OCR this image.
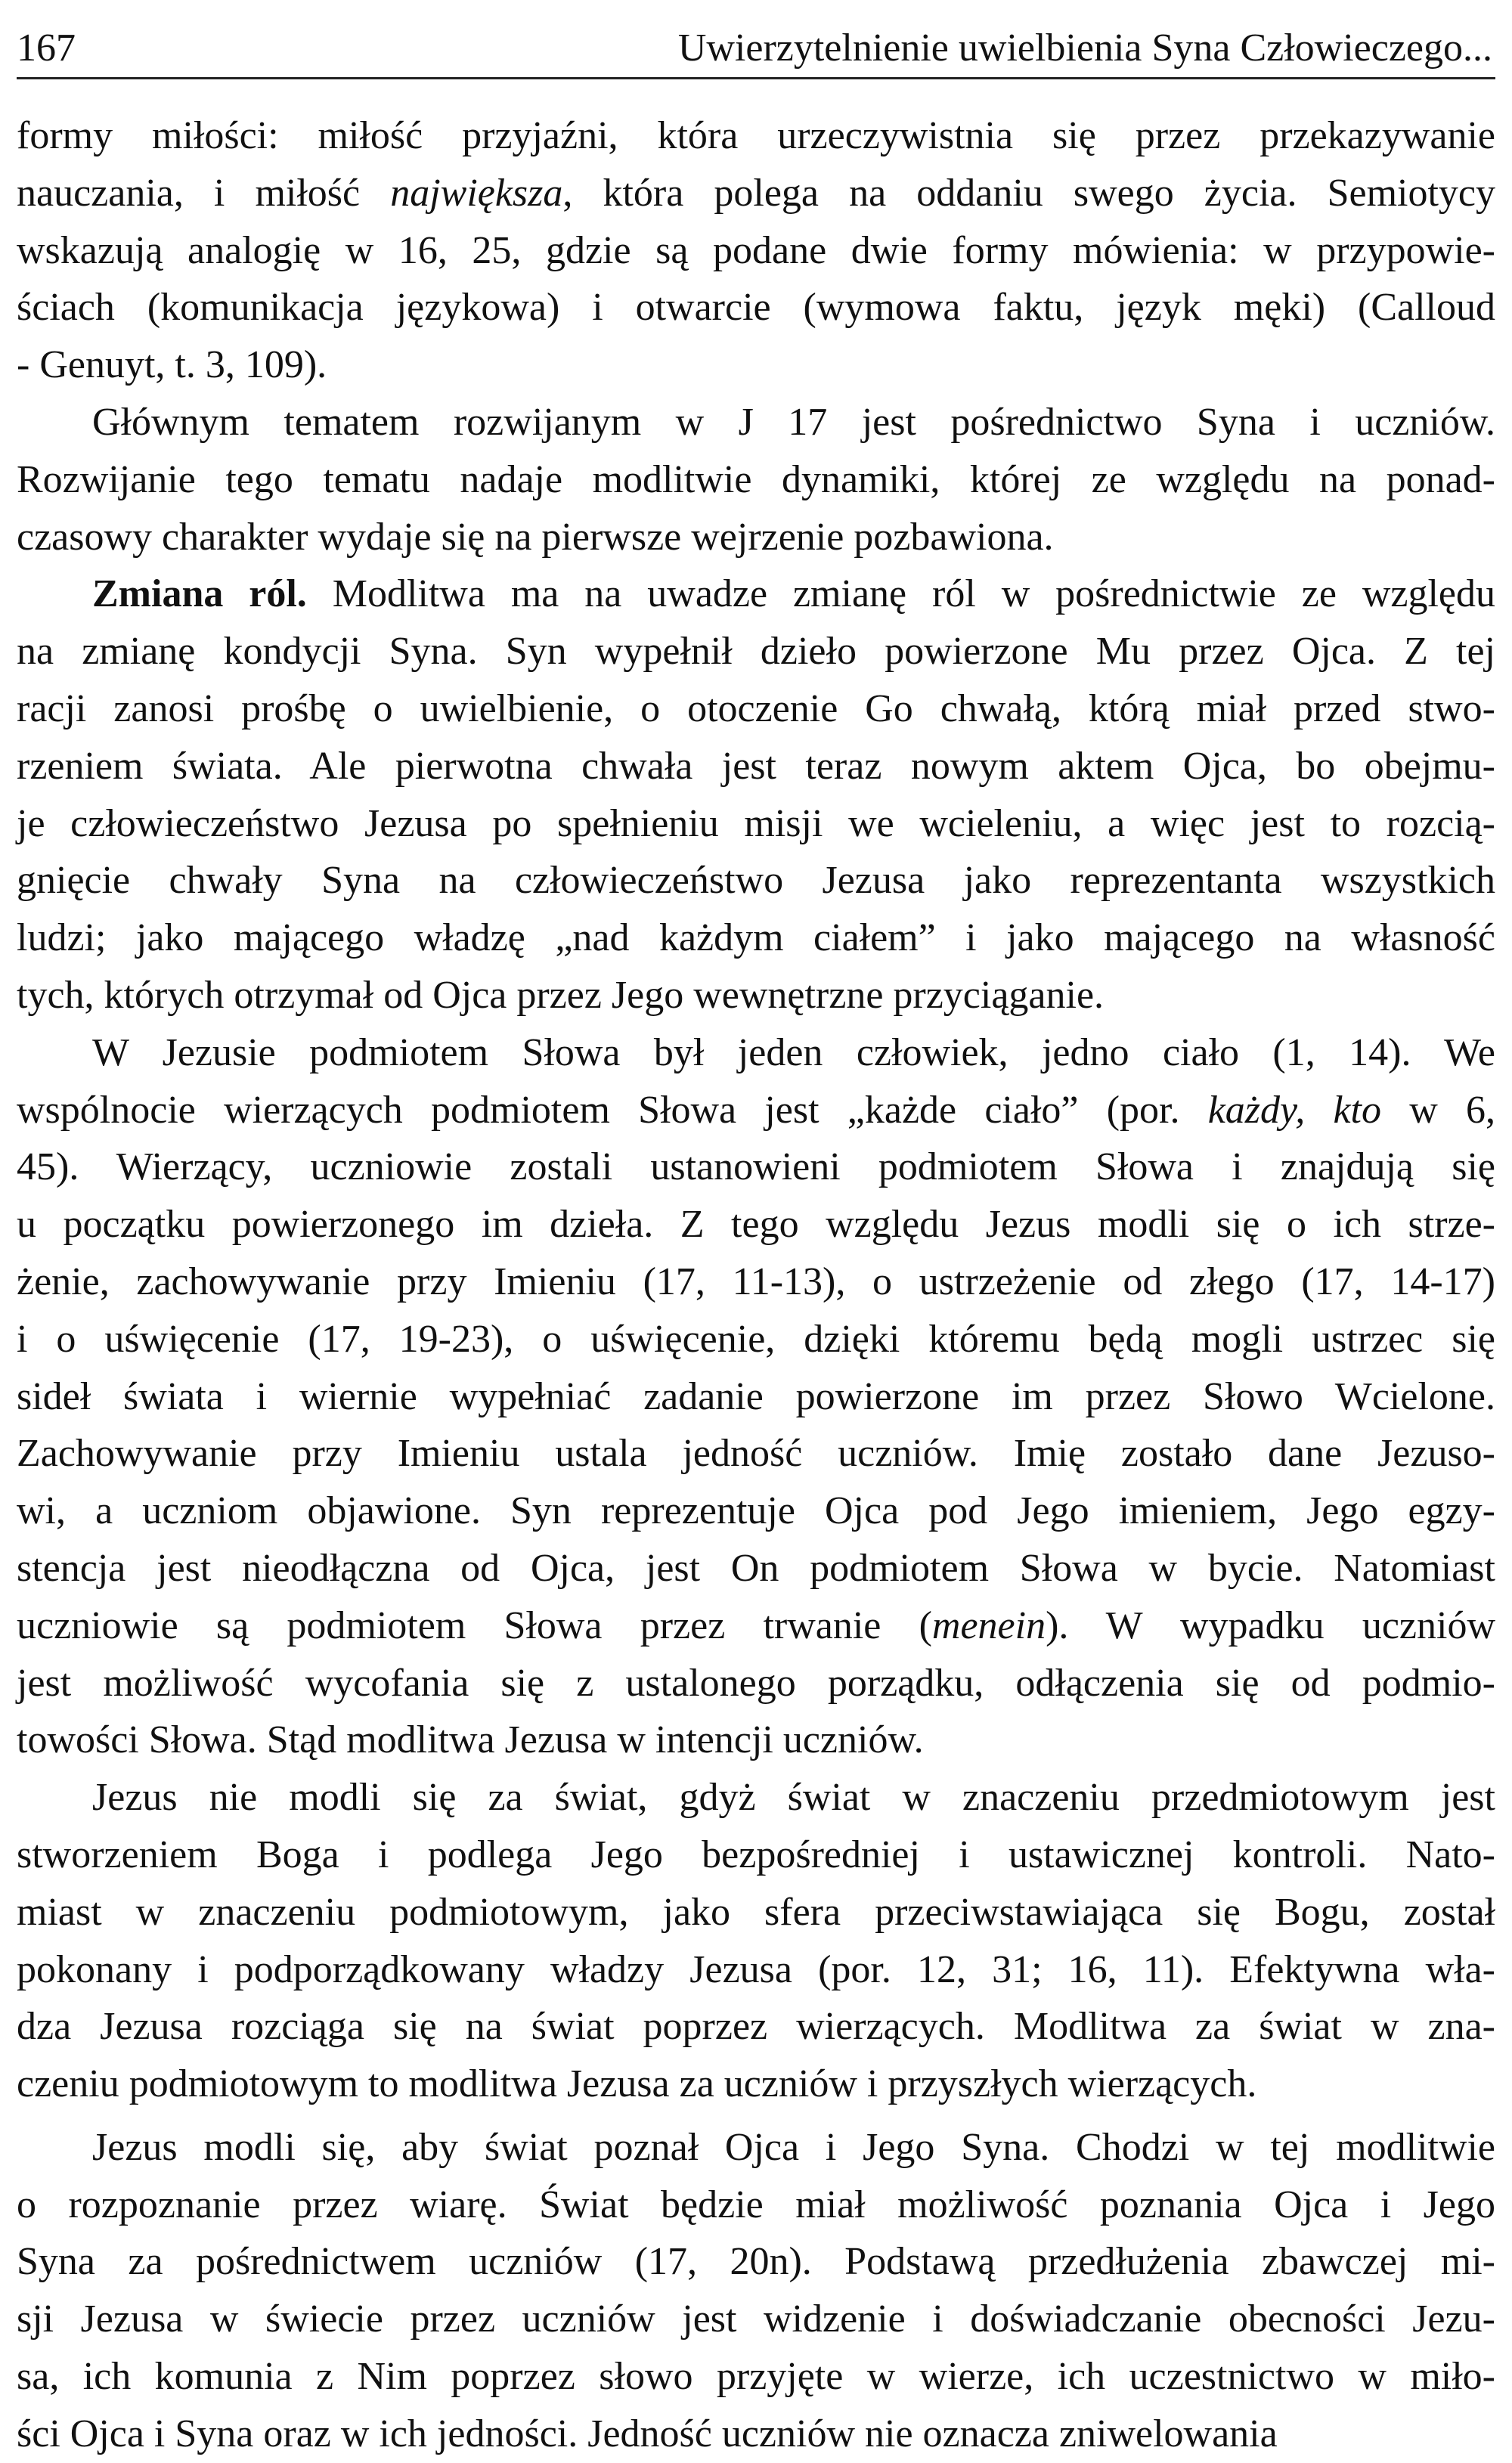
167	Uwierzytelnienie uwielbienia Syna Człowieczego...
formy miłości: miłość przyjaźni, która urzeczywistnia się przez przekazywanie
nauczania, i miłość największa, która polega na oddaniu swego życia. Semiotycy
wskazują analogię w 16, 25, gdzie są podane dwie formy mówienia: w przypowie-
ściach (komunikacja językowa) i otwarcie (wymowa faktu, język męki) (Calloud
- Genuyt, t. 3, 109).
Głównym tematem rozwijanym w J 17 jest pośrednictwo Syna i uczniów.
Rozwijanie tego tematu nadaje modlitwie dynamiki, której ze względu na ponad-
czasowy charakter wydaje się na pierwsze wejrzenie pozbawiona.
Zmiana ról. Modlitwa ma na uwadze zmianę ról w pośrednictwie ze względu
na zmianę kondycji Syna. Syn wypełnił dzieło powierzone Mu przez Ojca. Z tej
racji zanosi prośbę o uwielbienie, o otoczenie Go chwałą, którą miał przed stwo-
rzeniem świata. Ale pierwotna chwała jest teraz nowym aktem Ojca, bo obejmu-
je człowieczeństwo Jezusa po spełnieniu misji we wcieleniu, a więc jest to rozcią-
gnięcie chwały Syna na człowieczeństwo Jezusa jako reprezentanta wszystkich
ludzi; jako mającego władzę „nad każdym ciałem” i jako mającego na własność
tych, których otrzymał od Ojca przez Jego wewnętrzne przyciąganie.
W Jezusie podmiotem Słowa był jeden człowiek, jedno ciało (1, 14). We
wspólnocie wierzących podmiotem Słowa jest „każde ciało” (por. każdy, kto w 6,
45). Wierzący, uczniowie zostali ustanowieni podmiotem Słowa i znajdują się
u początku powierzonego im dzieła. Z tego względu Jezus modli się o ich strze-
żenie, zachowywanie przy Imieniu (17, 11-13), o ustrzeżenie od złego (17, 14-17)
i o uświęcenie (17, 19-23), o uświęcenie, dzięki któremu będą mogli ustrzec się
sideł świata i wiernie wypełniać zadanie powierzone im przez Słowo Wcielone.
Zachowywanie przy Imieniu ustala jedność uczniów. Imię zostało dane Jezuso-
wi, a uczniom objawione. Syn reprezentuje Ojca pod Jego imieniem, Jego egzy-
stencja jest nieodłączna od Ojca, jest On podmiotem Słowa w bycie. Natomiast
uczniowie są podmiotem Słowa przez trwanie (menein). W wypadku uczniów
jest możliwość wycofania się z ustalonego porządku, odłączenia się od podmio-
towości Słowa. Stąd modlitwa Jezusa w intencji uczniów.
Jezus nie modli się za świat, gdyż świat w znaczeniu przedmiotowym jest
stworzeniem Boga i podlega Jego bezpośredniej i ustawicznej kontroli. Nato-
miast w znaczeniu podmiotowym, jako sfera przeciwstawiająca się Bogu, został
pokonany i podporządkowany władzy Jezusa (por. 12, 31; 16, 11). Efektywna wła-
dza Jezusa rozciąga się na świat poprzez wierzących. Modlitwa za świat w zna-
czeniu podmiotowym to modlitwa Jezusa za uczniów i przyszłych wierzących.
Jezus modli się, aby świat poznał Ojca i Jego Syna. Chodzi w tej modlitwie
o rozpoznanie przez wiarę. Świat będzie miał możliwość poznania Ojca i Jego
Syna za pośrednictwem uczniów (17, 20n). Podstawą przedłużenia zbawczej mi-
sji Jezusa w świecie przez uczniów jest widzenie i doświadczanie obecności Jezu-
sa, ich komunia z Nim poprzez słowo przyjęte w wierze, ich uczestnictwo w miło-
ści Ojca i Syna oraz w ich jedności. Jedność uczniów nie oznacza zniwelowania
